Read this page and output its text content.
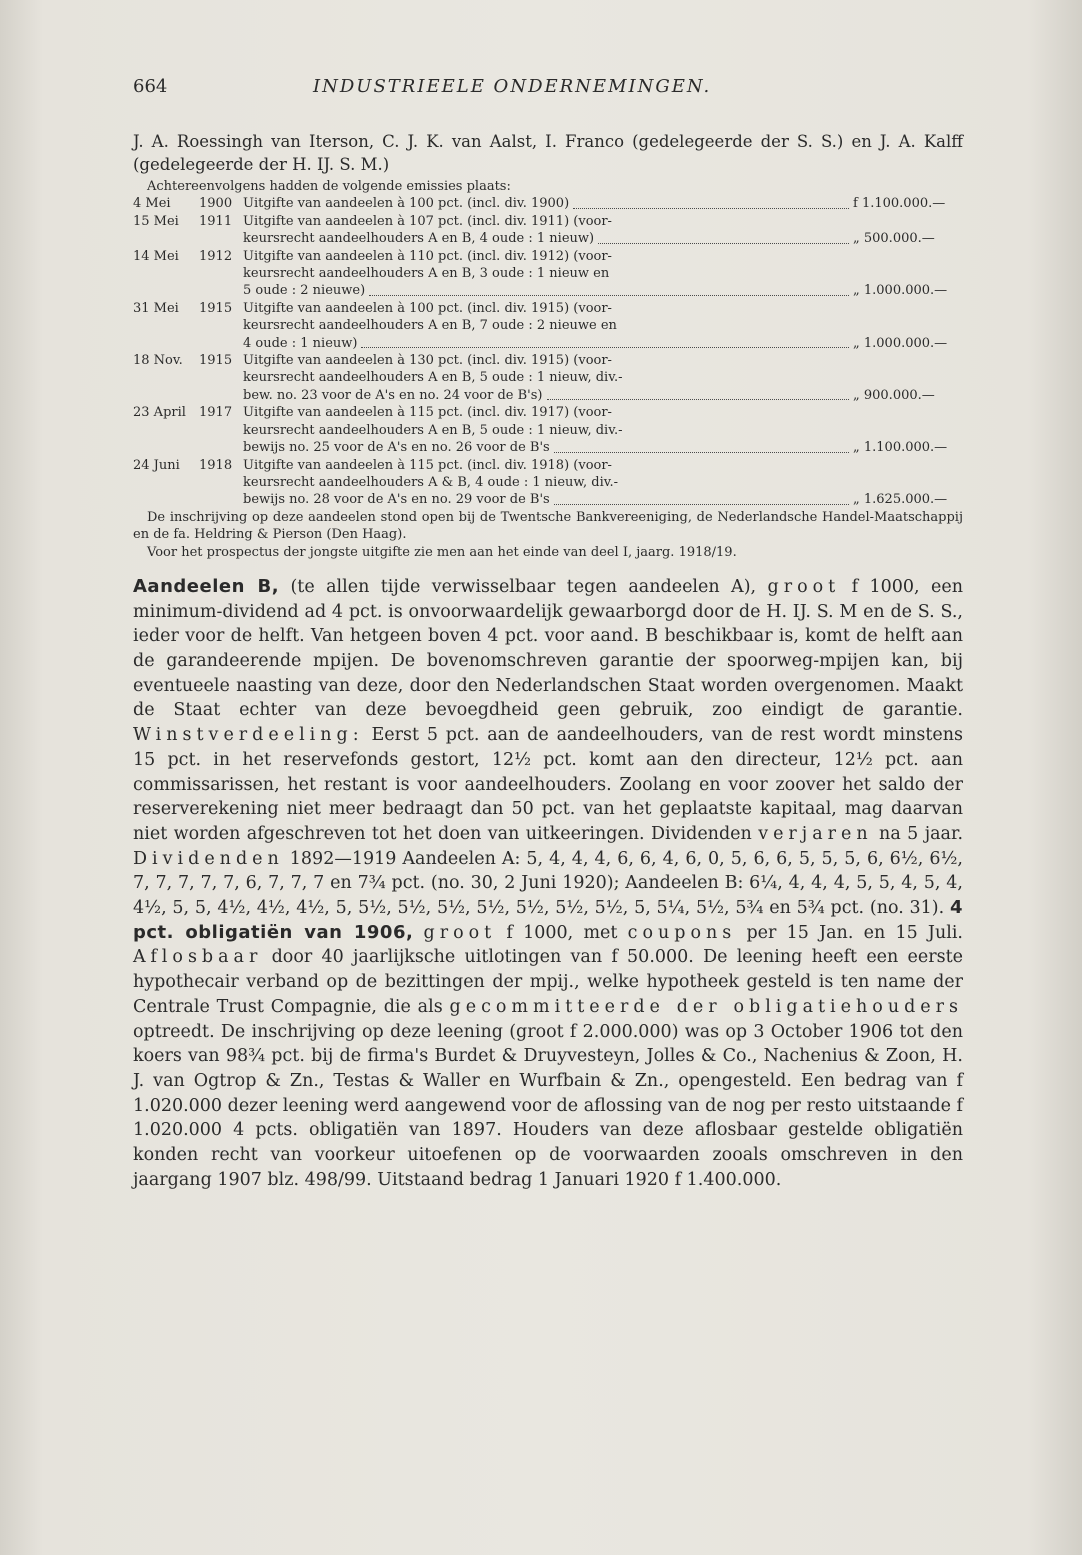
664	INDUSTRIEELE ONDERNEMINGEN.

J. A. Roessingh van Iterson, C. J. K. van Aalst, I. Franco (gedelegeerde der S. S.) en J. A. Kalff (gedelegeerde der H. IJ. S. M.)

Achtereenvolgens hadden de volgende emissies plaats:
4 Mei	1900 Uitgifte van aandeelen à 100 pct. (incl. div. 1900)	f 1.100.000.—
15 Mei	1911 Uitgifte van aandeelen à 107 pct. (incl. div. 1911) (voor-
keursrecht aandeelhouders A en B, 4 oude : 1 nieuw)	„ 500.000.—
14 Mei	1912 Uitgifte van aandeelen à 110 pct. (incl. div. 1912) (voor-
keursrecht aandeelhouders A en B, 3 oude : 1 nieuw en
5 oude : 2 nieuwe)	„ 1.000.000.—
31 Mei	1915 Uitgifte van aandeelen à 100 pct. (incl. div. 1915) (voor-
keursrecht aandeelhouders A en B, 7 oude : 2 nieuwe en
4 oude : 1 nieuw)	„ 1.000.000.—
18 Nov.	1915 Uitgifte van aandeelen à 130 pct. (incl. div. 1915) (voor-
keursrecht aandeelhouders A en B, 5 oude : 1 nieuw, div.-
bew. no. 23 voor de A's en no. 24 voor de B's)	„ 900.000.—
23 April	1917 Uitgifte van aandeelen à 115 pct. (incl. div. 1917) (voor-
keursrecht aandeelhouders A en B, 5 oude : 1 nieuw, div.-
bewijs no. 25 voor de A's en no. 26 voor de B's	„ 1.100.000.—
24 Juni	1918 Uitgifte van aandeelen à 115 pct. (incl. div. 1918) (voor-
keursrecht aandeelhouders A & B, 4 oude : 1 nieuw, div.-
bewijs no. 28 voor de A's en no. 29 voor de B's	„ 1.625.000.—

De inschrijving op deze aandeelen stond open bij de Twentsche Bankvereeniging, de Nederlandsche Handel-Maatschappij en de fa. Heldring & Pierson (Den Haag).

Voor het prospectus der jongste uitgifte zie men aan het einde van deel I, jaarg. 1918/19.

Aandeelen B, (te allen tijde verwisselbaar tegen aandeelen A), groot f 1000, een minimum-dividend ad 4 pct. is onvoorwaardelijk gewaarborgd door de H. IJ. S. M en de S. S., ieder voor de helft. Van hetgeen boven 4 pct. voor aand. B beschikbaar is, komt de helft aan de garandeerende mpijen. De bovenomschreven garantie der spoorweg-mpijen kan, bij eventueele naasting van deze, door den Nederlandschen Staat worden overgenomen. Maakt de Staat echter van deze bevoegdheid geen gebruik, zoo eindigt de garantie. Winstverdeeling: Eerst 5 pct. aan de aandeelhouders, van de rest wordt minstens 15 pct. in het reservefonds gestort, 12½ pct. komt aan den directeur, 12½ pct. aan commissarissen, het restant is voor aandeelhouders. Zoolang en voor zoover het saldo der reserverekening niet meer bedraagt dan 50 pct. van het geplaatste kapitaal, mag daarvan niet worden afgeschreven tot het doen van uitkeeringen. Dividenden verjaren na 5 jaar. Dividenden 1892—1919 Aandeelen A: 5, 4, 4, 4, 6, 6, 4, 6, 0, 5, 6, 6, 5, 5, 5, 6, 6½, 6½, 7, 7, 7, 7, 7, 6, 7, 7, 7 en 7¾ pct. (no. 30, 2 Juni 1920); Aandeelen B: 6¼, 4, 4, 4, 5, 5, 4, 5, 4, 4½, 5, 5, 4½, 4½, 4½, 5, 5½, 5½, 5½, 5½, 5½, 5½, 5½, 5, 5¼, 5½, 5¾ en 5¾ pct. (no. 31). 4 pct. obligatiën van 1906, groot f 1000, met coupons per 15 Jan. en 15 Juli. Aflosbaar door 40 jaarlijksche uitlotingen van f 50.000. De leening heeft een eerste hypothecair verband op de bezittingen der mpij., welke hypotheek gesteld is ten name der Centrale Trust Compagnie, die als gecommitteerde der obligatiehouders optreedt. De inschrijving op deze leening (groot f 2.000.000) was op 3 October 1906 tot den koers van 98¾ pct. bij de firma's Burdet & Druyvesteyn, Jolles & Co., Nachenius & Zoon, H. J. van Ogtrop & Zn., Testas & Waller en Wurfbain & Zn., opengesteld. Een bedrag van f 1.020.000 dezer leening werd aangewend voor de aflossing van de nog per resto uitstaande f 1.020.000 4 pcts. obligatiën van 1897. Houders van deze aflosbaar gestelde obligatiën konden recht van voorkeur uitoefenen op de voorwaarden zooals omschreven in den jaargang 1907 blz. 498/99. Uitstaand bedrag 1 Januari 1920 f 1.400.000.
